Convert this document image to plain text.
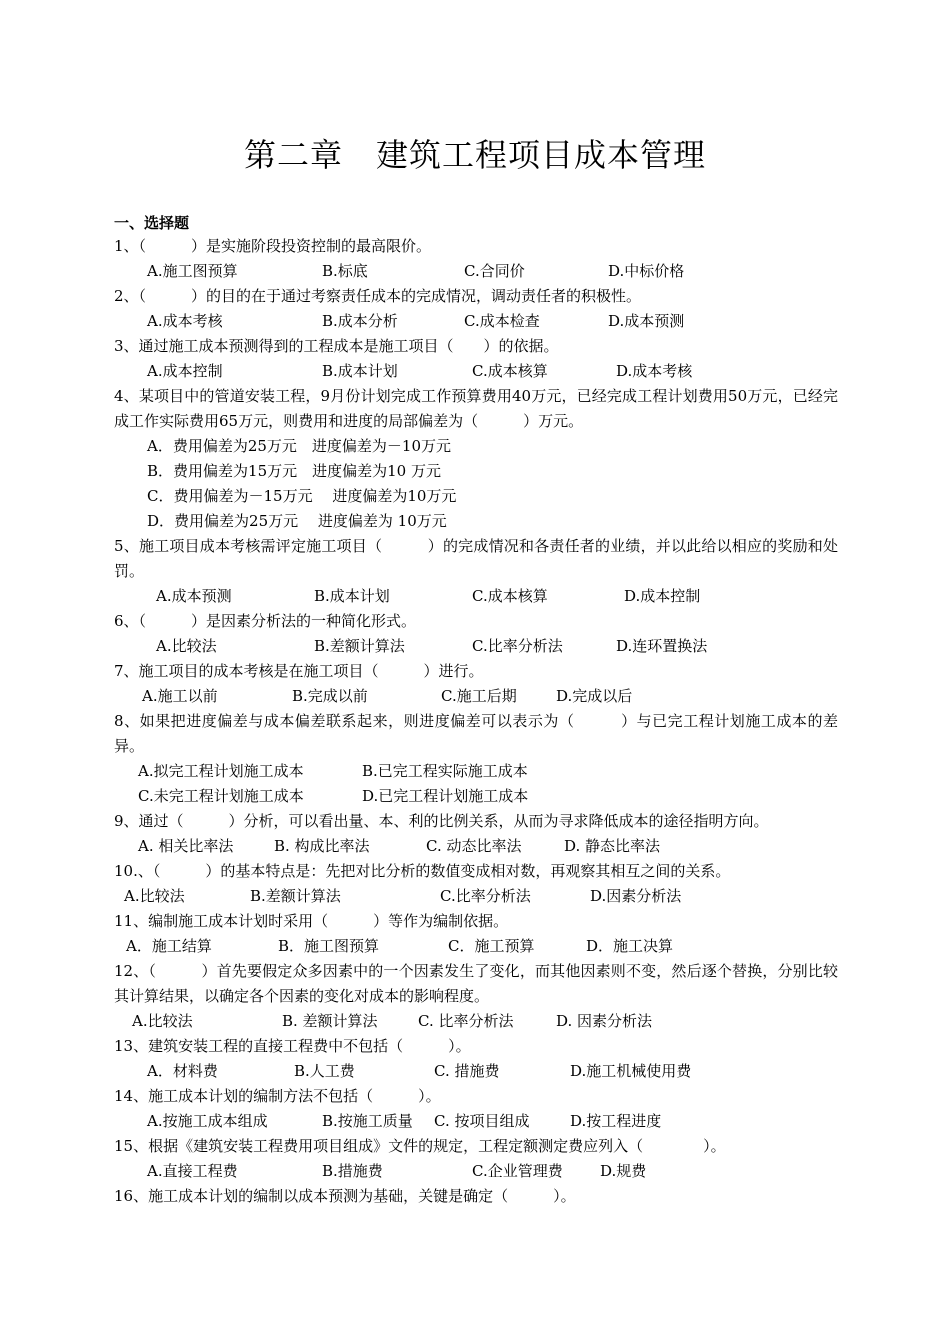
第二章　建筑工程项目成本管理
一、选择题

1、（　　　）是实施阶段投资控制的最高限价。

A.施工图预算	B.标底	C.合同价	D.中标价格

2、（　　　）的目的在于通过考察责任成本的完成情况，调动责任者的积极性。

A.成本考核	B.成本分析	C.成本检查	D.成本预测

3、通过施工成本预测得到的工程成本是施工项目（　　）的依据。

A.成本控制	B.成本计划	C.成本核算	D.成本考核

4、某项目中的管道安装工程，9月份计划完成工作预算费用40万元，已经完成工程计划费用50万元，已经完成工作实际费用65万元，则费用和进度的局部偏差为（　　　）万元。

A．费用偏差为25万元　进度偏差为－10万元
B．费用偏差为15万元　进度偏差为10 万元
C．费用偏差为－15万元　 进度偏差为10万元
D．费用偏差为25万元　 进度偏差为 10万元

5、施工项目成本考核需评定施工项目（　　　）的完成情况和各责任者的业绩，并以此给以相应的奖励和处罚。

A.成本预测	B.成本计划	C.成本核算	D.成本控制

6、（　　　）是因素分析法的一种简化形式。

A.比较法	B.差额计算法	C.比率分析法	D.连环置换法

7、施工项目的成本考核是在施工项目（　　　）进行。

A.施工以前	B.完成以前	C.施工后期	D.完成以后

8、如果把进度偏差与成本偏差联系起来，则进度偏差可以表示为（　　　）与已完工程计划施工成本的差异。

A.拟完工程计划施工成本	B.已完工程实际施工成本
C.未完工程计划施工成本	D.已完工程计划施工成本

9、通过（　　　）分析，可以看出量、本、利的比例关系，从而为寻求降低成本的途径指明方向。

A. 相关比率法	B. 构成比率法	C. 动态比率法	D. 静态比率法

10.、（　　　）的基本特点是：先把对比分析的数值变成相对数，再观察其相互之间的关系。

A.比较法	B.差额计算法	C.比率分析法	D.因素分析法

11、编制施工成本计划时采用（　　　）等作为编制依据。

A．施工结算	B．施工图预算	C．施工预算	D．施工决算

12、（　　　）首先要假定众多因素中的一个因素发生了变化，而其他因素则不变，然后逐个替换，分别比较其计算结果，以确定各个因素的变化对成本的影响程度。

A.比较法	B. 差额计算法	C. 比率分析法	D. 因素分析法

13、建筑安装工程的直接工程费中不包括（　　　）。

A．材料费	B.人工费	C. 措施费	D.施工机械使用费

14、施工成本计划的编制方法不包括（　　　）。

A.按施工成本组成	B.按施工质量 C. 按项目组成	D.按工程进度

15、根据《建筑安装工程费用项目组成》文件的规定，工程定额测定费应列入（　　　　）。

A.直接工程费	B.措施费	C.企业管理费 D.规费

16、施工成本计划的编制以成本预测为基础，关键是确定（　　　）。
